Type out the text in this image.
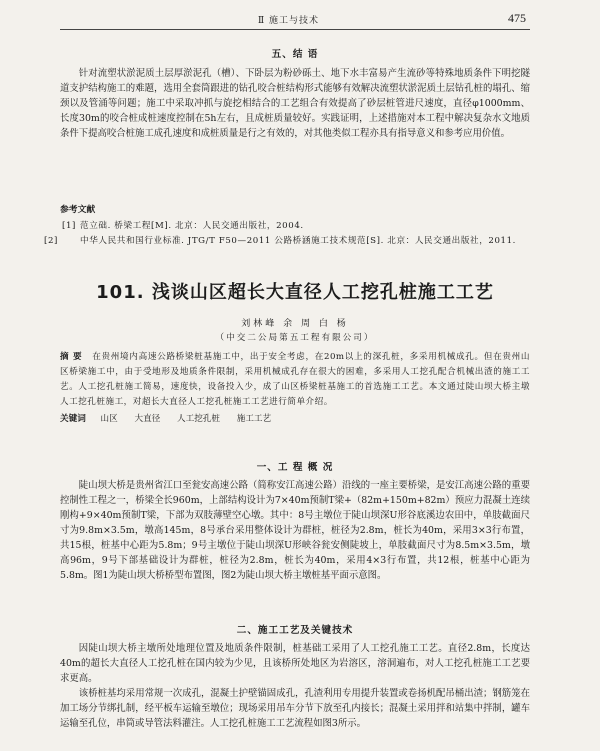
Ⅱ 施工与技术	475
五、结 语

针对流塑状淤泥质土层厚淤泥孔（槽）、下卧层为粉砂砾土、地下水丰富易产生流砂等特殊地质条件下明挖隧道支护结构施工的难题，选用全套筒跟进的钻孔咬合桩结构形式能够有效解决流塑状淤泥质土层钻孔桩的塌孔、缩颈以及管涌等问题；施工中采取冲抓与旋挖相结合的工艺组合有效提高了砂层桩管进尺速度，直径φ1000mm、长度30m的咬合桩成桩速度控制在5h左右，且成桩质量较好。实践证明，上述措施对本工程中解决复杂水文地质条件下提高咬合桩施工成孔速度和成桩质量是行之有效的，对其他类似工程亦具有指导意义和参考应用价值。

参考文献

[1] 范立础. 桥梁工程[M]. 北京：人民交通出版社，2004.

[2]	中华人民共和国行业标准. JTG/T F50—2011 公路桥涵施工技术规范[S]. 北京：人民交通出版社，2011.

101. 浅谈山区超长大直径人工挖孔桩施工工艺
刘林峰 余 周 白 杨
（中交二公局第五工程有限公司）

摘 要 在贵州境内高速公路桥梁桩基施工中，出于安全考虑，在20m以上的深孔桩，多采用机械成孔。但在贵州山区桥梁施工中，由于受地形及地质条件限制，采用机械成孔存在很大的困难，多采用人工挖孔配合机械出渣的施工工艺。人工挖孔桩施工简易，速度快，设备投入少，成了山区桥梁桩基施工的首选施工工艺。本文通过陡山坝大桥主墩人工挖孔桩施工，对超长大直径人工挖孔桩施工工艺进行简单介绍。

关键词 山区 大直径 人工挖孔桩 施工工艺
一、工 程 概 况

陡山坝大桥是贵州省江口至瓮安高速公路（简称安江高速公路）沿线的一座主要桥梁，是安江高速公路的重要控制性工程之一，桥梁全长960m，上部结构设计为7×40m预制T梁+（82m+150m+82m）预应力混凝土连续刚构+9×40m预制T梁，下部为双肢薄壁空心墩。其中：8号主墩位于陡山坝深U形谷底溪边农田中，单肢截面尺寸为9.8m×3.5m，墩高145m，8号承台采用整体设计为群桩，桩径为2.8m，桩长为40m，采用3×3行布置，共15根，桩基中心距为5.8m；9号主墩位于陡山坝深U形峡谷瓮安侧陡坡上，单肢截面尺寸为8.5m×3.5m，墩高96m，9号下部基础设计为群桩，桩径为2.8m，桩长为40m，采用4×3行布置，共12根，桩基中心距为5.8m。图1为陡山坝大桥桥型布置图，图2为陡山坝大桥主墩桩基平面示意图。

二、施工工艺及关键技术

因陡山坝大桥主墩所处地理位置及地质条件限制，桩基础工采用了人工挖孔施工工艺。直径2.8m，长度达40m的超长大直径人工挖孔桩在国内较为少见，且该桥所处地区为岩溶区，溶洞遍布，对人工挖孔桩施工工艺要求更高。

该桥桩基均采用常规一次成孔，混凝土护壁锚固成孔，孔渣利用专用提升装置或卷扬机配吊桶出渣；钢筋笼在加工场分节绑扎制，经平板车运输至墩位；现场采用吊车分节下放至孔内接长；混凝土采用拌和站集中拌制，罐车运输至孔位，串筒或导管法料灌注。人工挖孔桩施工工艺流程如图3所示。
